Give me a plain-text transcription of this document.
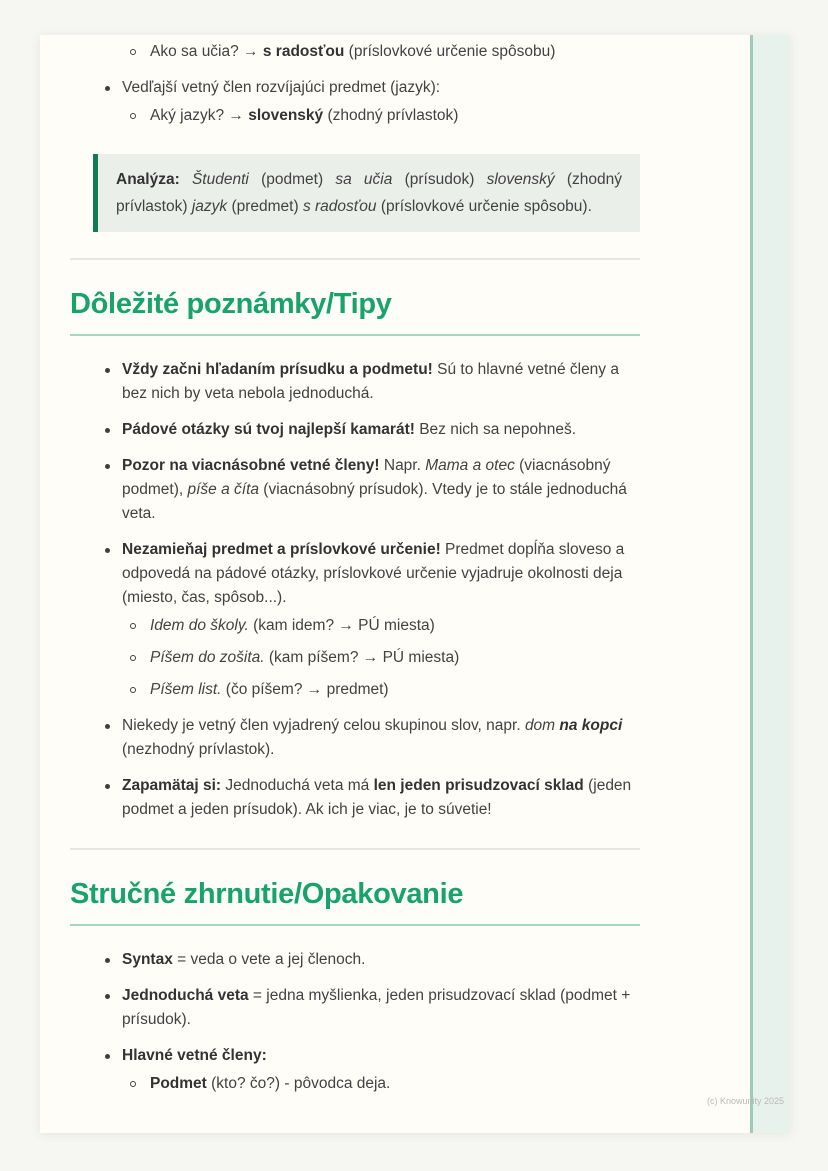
Ako sa učia? → s radosťou (príslovkové určenie spôsobu)
Vedľajší vetný člen rozvíjajúci predmet (jazyk):
Aký jazyk? → slovenský (zhodný prívlastok)

Analýza: Študenti (podmet) sa učia (prísudok) slovenský (zhodný prívlastok) jazyk (predmet) s radosťou (príslovkové určenie spôsobu).

Dôležité poznámky/Tipy
Vždy začni hľadaním prísudku a podmetu! Sú to hlavné vetné členy a bez nich by veta nebola jednoduchá.
Pádové otázky sú tvoj najlepší kamarát! Bez nich sa nepohneš.
Pozor na viacnásobné vetné členy! Napr. Mama a otec (viacnásobný podmet), píše a číta (viacnásobný prísudok). Vtedy je to stále jednoduchá veta.
Nezamieňaj predmet a príslovkové určenie! Predmet dopĺňa sloveso a odpovedá na pádové otázky, príslovkové určenie vyjadruje okolnosti deja (miesto, čas, spôsob...).
Idem do školy. (kam idem? → PÚ miesta)
Píšem do zošita. (kam píšem? → PÚ miesta)
Píšem list. (čo píšem? → predmet)
Niekedy je vetný člen vyjadrený celou skupinou slov, napr. dom na kopci (nezhodný prívlastok).
Zapamätaj si: Jednoduchá veta má len jeden prisudzovací sklad (jeden podmet a jeden prísudok). Ak ich je viac, je to súvetie!
Stručné zhrnutie/Opakovanie
Syntax = veda o vete a jej členoch.
Jednoduchá veta = jedna myšlienka, jeden prisudzovací sklad (podmet + prísudok).
Hlavné vetné členy:
Podmet (kto? čo?) - pôvodca deja.
(c) Knowunity 2025
